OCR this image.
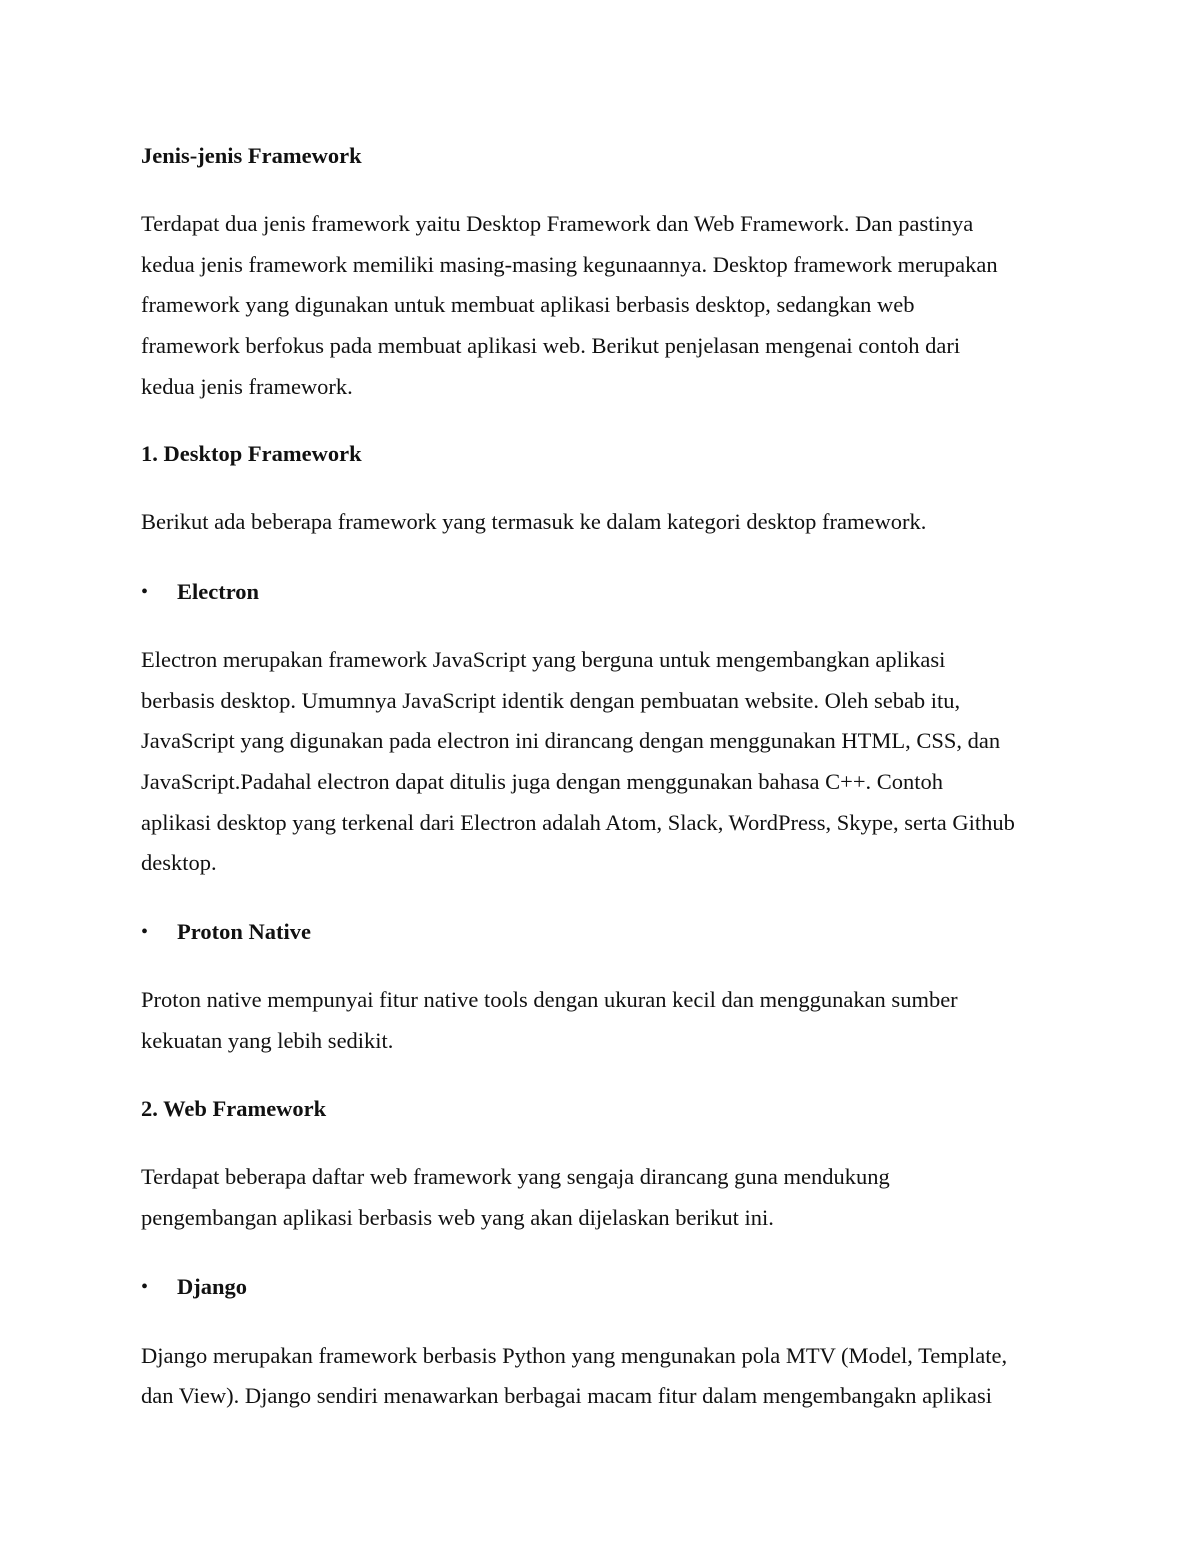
Jenis-jenis Framework

Terdapat dua jenis framework yaitu Desktop Framework dan Web Framework. Dan pastinya

kedua jenis framework memiliki masing-masing kegunaannya. Desktop framework merupakan

framework yang digunakan untuk membuat aplikasi berbasis desktop, sedangkan web

framework berfokus pada membuat aplikasi web. Berikut penjelasan mengenai contoh dari

kedua jenis framework.

1. Desktop Framework

Berikut ada beberapa framework yang termasuk ke dalam kategori desktop framework.

• Electron

Electron merupakan framework JavaScript yang berguna untuk mengembangkan aplikasi

berbasis desktop. Umumnya JavaScript identik dengan pembuatan website. Oleh sebab itu,

JavaScript yang digunakan pada electron ini dirancang dengan menggunakan HTML, CSS, dan

JavaScript.Padahal electron dapat ditulis juga dengan menggunakan bahasa C++. Contoh

aplikasi desktop yang terkenal dari Electron adalah Atom, Slack, WordPress, Skype, serta Github

desktop.

• Proton Native

Proton native mempunyai fitur native tools dengan ukuran kecil dan menggunakan sumber

kekuatan yang lebih sedikit.

2. Web Framework

Terdapat beberapa daftar web framework yang sengaja dirancang guna mendukung

pengembangan aplikasi berbasis web yang akan dijelaskan berikut ini.

• Django

Django merupakan framework berbasis Python yang mengunakan pola MTV (Model, Template,

dan View). Django sendiri menawarkan berbagai macam fitur dalam mengembangakn aplikasi
